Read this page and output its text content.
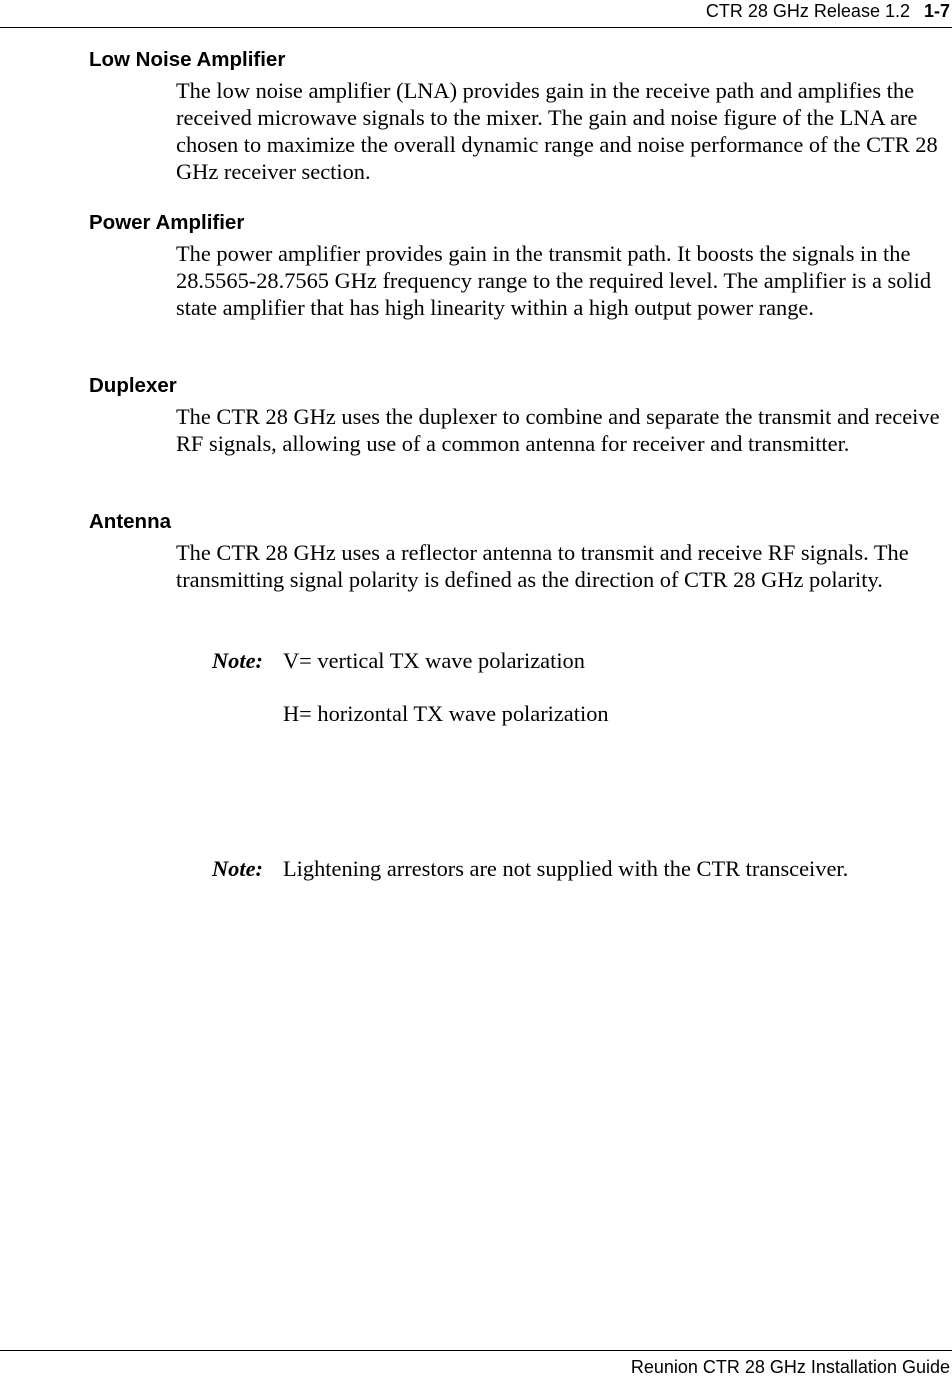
CTR 28 GHz Release 1.2 1-7
Low Noise Amplifier

The low noise amplifier (LNA) provides gain in the receive path and amplifies the received microwave signals to the mixer. The gain and noise figure of the LNA are chosen to maximize the overall dynamic range and noise performance of the CTR 28 GHz receiver section.

Power Amplifier

The power amplifier provides gain in the transmit path. It boosts the signals in the 28.5565-28.7565 GHz frequency range to the required level. The amplifier is a solid state amplifier that has high linearity within a high output power range.

Duplexer

The CTR 28 GHz uses the duplexer to combine and separate the transmit and receive RF signals, allowing use of a common antenna for receiver and transmitter.

Antenna

The CTR 28 GHz uses a reflector antenna to transmit and receive RF signals. The transmitting signal polarity is defined as the direction of CTR 28 GHz polarity.

Note: V= vertical TX wave polarization
H= horizontal TX wave polarization
Note: Lightening arrestors are not supplied with the CTR transceiver.
Reunion CTR 28 GHz Installation Guide
